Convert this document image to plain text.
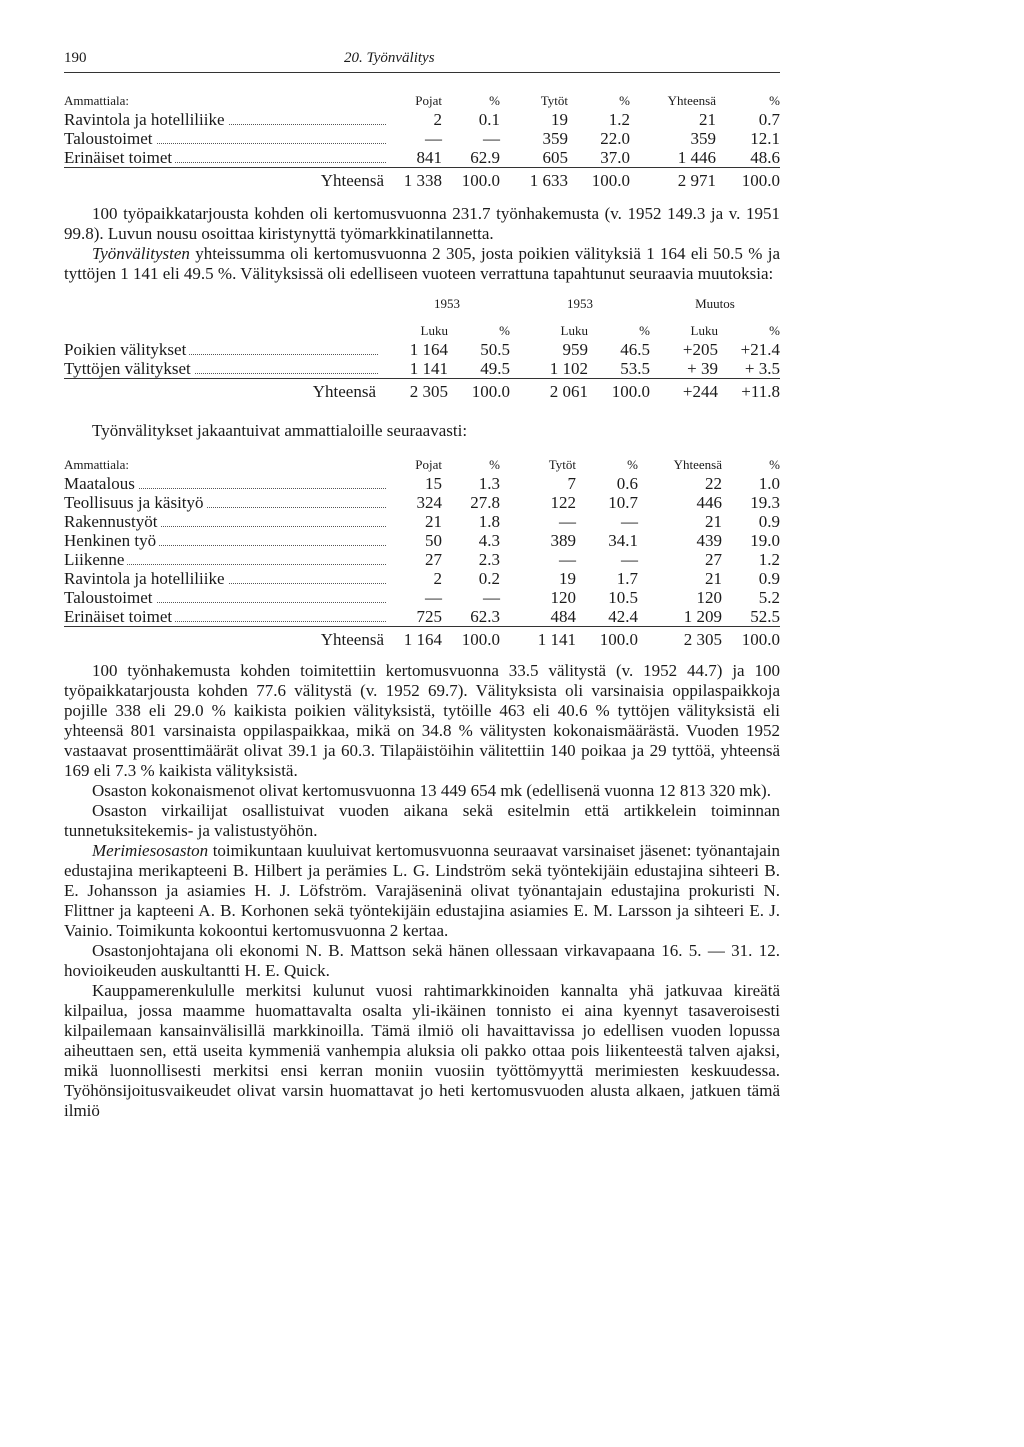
190	20. Työnvälitys
Ammattiala:	Pojat	%	Tytöt	%	Yhteensä	%

Ravintola ja hotelliliike	2	0.1	19	1.2	21	0.7

Taloustoimet	—	—	359	22.0	359	12.1

Erinäiset toimet	841	62.9	605	37.0	1 446	48.6
Yhteensä	1 338	100.0	1 633	100.0	2 971	100.0

100 työpaikkatarjousta kohden oli kertomusvuonna 231.7 työnhakemusta (v. 1952 149.3 ja v. 1951 99.8). Luvun nousu osoittaa kiristynyttä työmarkkinatilannetta.

Työnvälitysten yhteissumma oli kertomusvuonna 2 305, josta poikien välityksiä 1 164 eli 50.5 % ja tyttöjen 1 141 eli 49.5 %. Välityksissä oli edelliseen vuoteen verrattuna tapahtunut seuraavia muutoksia:

	1953		1953		Muutos	

	Luku	%	Luku	%	Luku	%

Poikien välitykset	1 164	50.5	959	46.5	+205	+21.4

Tyttöjen välitykset	1 141	49.5	1 102	53.5	+ 39	+ 3.5
Yhteensä	2 305	100.0	2 061	100.0	+244	+11.8

Työnvälitykset jakaantuivat ammattialoille seuraavasti:

Ammattiala:	Pojat	%	Tytöt	%	Yhteensä	%

Maatalous	15	1.3	7	0.6	22	1.0

Teollisuus ja käsityö	324	27.8	122	10.7	446	19.3

Rakennustyöt	21	1.8	—	—	21	0.9

Henkinen työ	50	4.3	389	34.1	439	19.0

Liikenne	27	2.3	—	—	27	1.2

Ravintola ja hotelliliike	2	0.2	19	1.7	21	0.9

Taloustoimet	—	—	120	10.5	120	5.2

Erinäiset toimet	725	62.3	484	42.4	1 209	52.5
Yhteensä	1 164	100.0	1 141	100.0	2 305	100.0

100 työnhakemusta kohden toimitettiin kertomusvuonna 33.5 välitystä (v. 1952 44.7) ja 100 työpaikkatarjousta kohden 77.6 välitystä (v. 1952 69.7). Välityksista oli varsinaisia oppilaspaikkoja pojille 338 eli 29.0 % kaikista poikien välityksistä, tytöille 463 eli 40.6 % tyttöjen välityksistä eli yhteensä 801 varsinaista oppilaspaikkaa, mikä on 34.8 % välitysten kokonaismäärästä. Vuoden 1952 vastaavat prosenttimäärät olivat 39.1 ja 60.3. Tilapäistöihin välitettiin 140 poikaa ja 29 tyttöä, yhteensä 169 eli 7.3 % kaikista välityksistä.

Osaston kokonaismenot olivat kertomusvuonna 13 449 654 mk (edellisenä vuonna 12 813 320 mk).

Osaston virkailijat osallistuivat vuoden aikana sekä esitelmin että artikkelein toiminnan tunnetuksitekemis- ja valistustyöhön.

Merimiesosaston toimikuntaan kuuluivat kertomusvuonna seuraavat varsinaiset jäsenet: työnantajain edustajina merikapteeni B. Hilbert ja perämies L. G. Lindström sekä työntekijäin edustajina sihteeri B. E. Johansson ja asiamies H. J. Löfström. Varajäseninä olivat työnantajain edustajina prokuristi N. Flittner ja kapteeni A. B. Korhonen sekä työntekijäin edustajina asiamies E. M. Larsson ja sihteeri E. J. Vainio. Toimikunta kokoontui kertomusvuonna 2 kertaa.

Osastonjohtajana oli ekonomi N. B. Mattson sekä hänen ollessaan virkavapaana 16. 5. — 31. 12. hovioikeuden auskultantti H. E. Quick.

Kauppamerenkululle merkitsi kulunut vuosi rahtimarkkinoiden kannalta yhä jatkuvaa kireätä kilpailua, jossa maamme huomattavalta osalta yli-ikäinen tonnisto ei aina kyennyt tasaveroisesti kilpailemaan kansainvälisillä markkinoilla. Tämä ilmiö oli havaittavissa jo edellisen vuoden lopussa aiheuttaen sen, että useita kymmeniä vanhempia aluksia oli pakko ottaa pois liikenteestä talven ajaksi, mikä luonnollisesti merkitsi ensi kerran moniin vuosiin työttömyyttä merimiesten keskuudessa. Työhönsijoitusvaikeudet olivat varsin huomattavat jo heti kertomusvuoden alusta alkaen, jatkuen tämä ilmiö
